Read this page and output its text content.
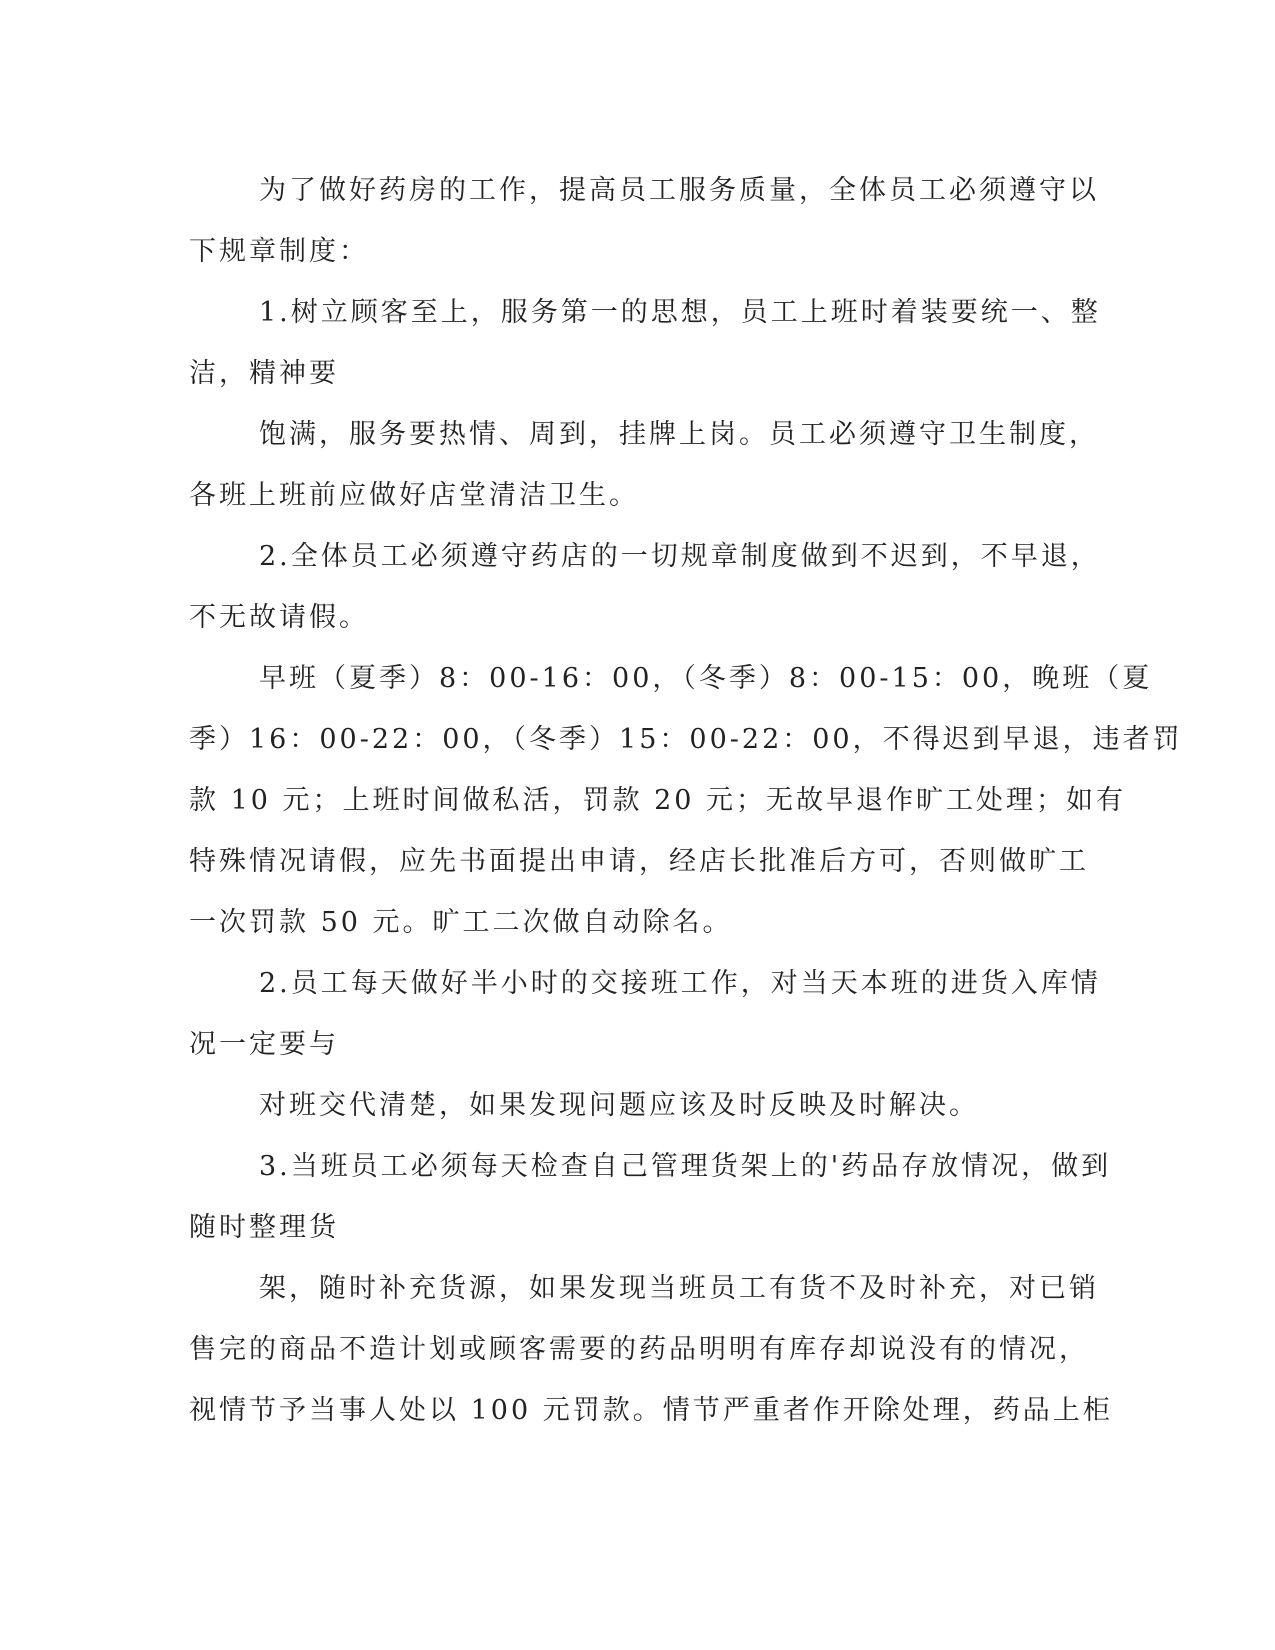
为了做好药房的工作，提高员工服务质量，全体员工必须遵守以
下规章制度：

1.树立顾客至上，服务第一的思想，员工上班时着装要统一、整
洁，精神要

饱满，服务要热情、周到，挂牌上岗。员工必须遵守卫生制度，
各班上班前应做好店堂清洁卫生。

2.全体员工必须遵守药店的一切规章制度做到不迟到，不早退，
不无故请假。

早班（夏季）8：00-16：00，（冬季）8：00-15：00，晚班（夏
季）16：00-22：00，（冬季）15：00-22：00，不得迟到早退，违者罚
款 10 元；上班时间做私活，罚款 20 元；无故早退作旷工处理；如有
特殊情况请假，应先书面提出申请，经店长批准后方可，否则做旷工
一次罚款 50 元。旷工二次做自动除名。

2.员工每天做好半小时的交接班工作，对当天本班的进货入库情
况一定要与

对班交代清楚，如果发现问题应该及时反映及时解决。

3.当班员工必须每天检查自己管理货架上的'药品存放情况，做到
随时整理货

架，随时补充货源，如果发现当班员工有货不及时补充，对已销
售完的商品不造计划或顾客需要的药品明明有库存却说没有的情况，
视情节予当事人处以 100 元罚款。情节严重者作开除处理，药品上柜
